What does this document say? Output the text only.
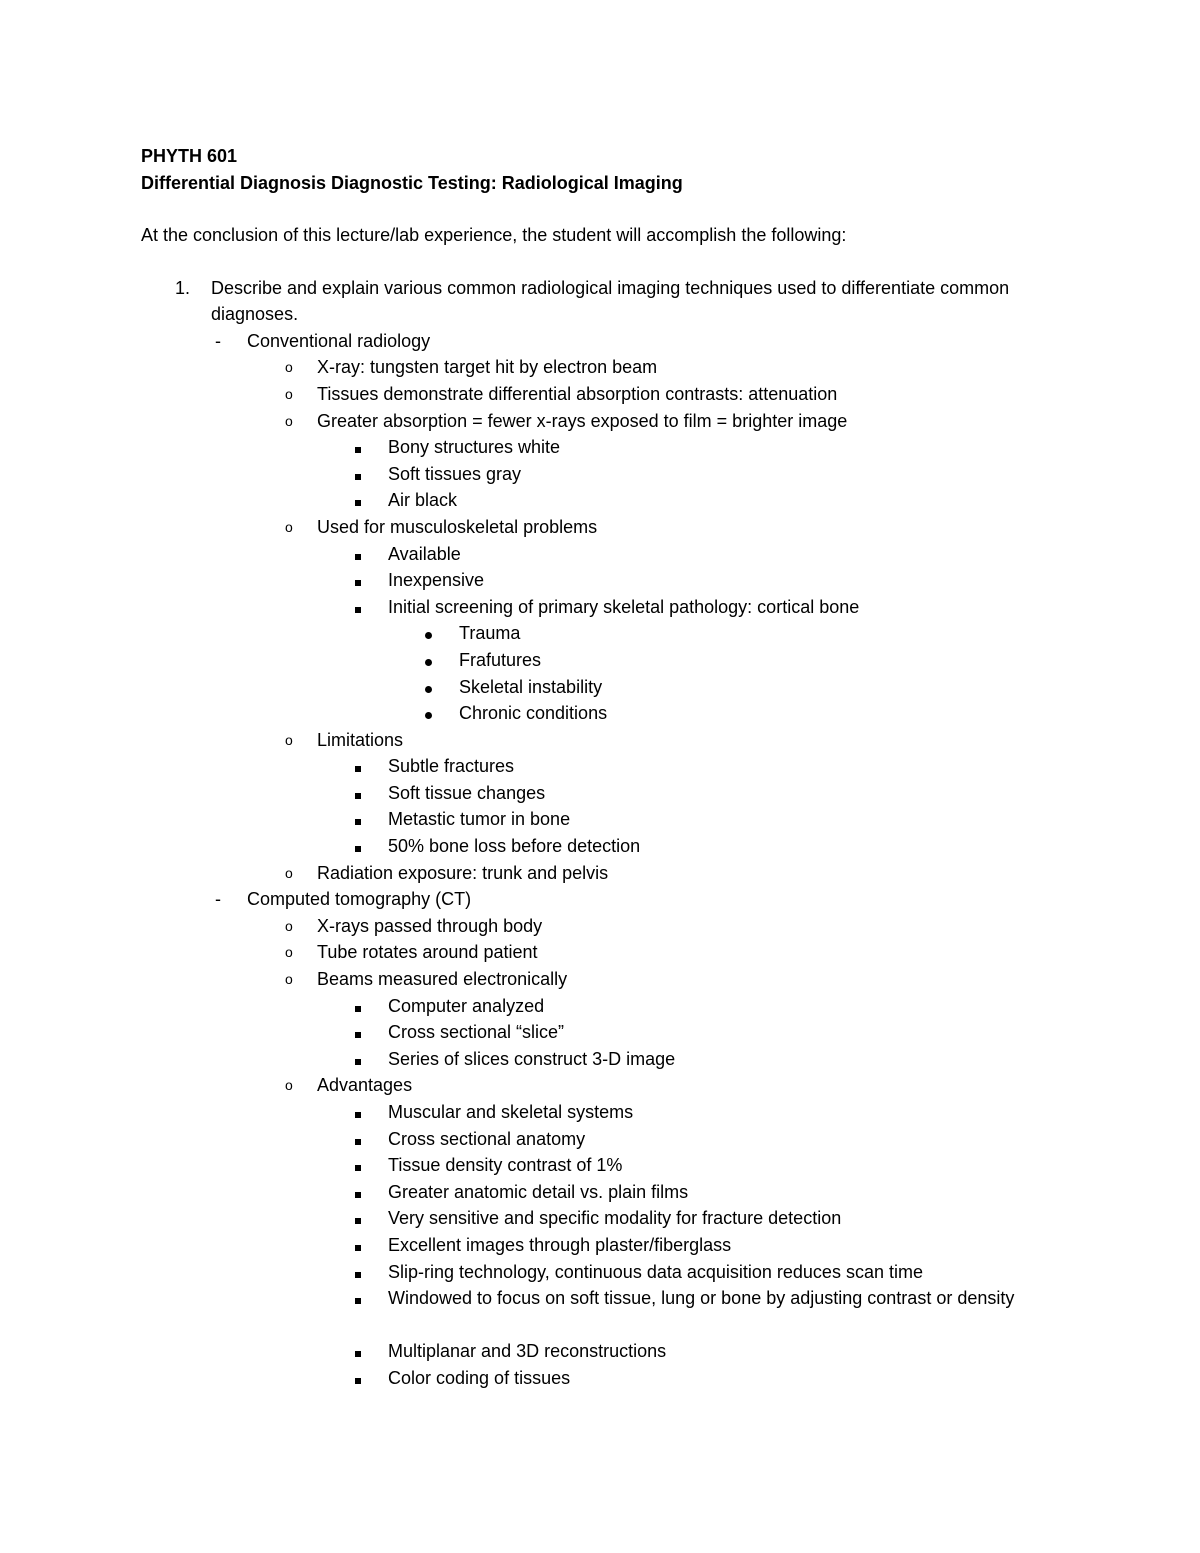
PHYTH 601
Differential Diagnosis Diagnostic Testing: Radiological Imaging
At the conclusion of this lecture/lab experience, the student will accomplish the following:
1. Describe and explain various common radiological imaging techniques used to differentiate common diagnoses.
- Conventional radiology
o X-ray: tungsten target hit by electron beam
o Tissues demonstrate differential absorption contrasts: attenuation
o Greater absorption = fewer x-rays exposed to film = brighter image
Bony structures white
Soft tissues gray
Air black
o Used for musculoskeletal problems
Available
Inexpensive
Initial screening of primary skeletal pathology: cortical bone
Trauma
Frafutures
Skeletal instability
Chronic conditions
o Limitations
Subtle fractures
Soft tissue changes
Metastic tumor in bone
50% bone loss before detection
o Radiation exposure: trunk and pelvis
- Computed tomography (CT)
o X-rays passed through body
o Tube rotates around patient
o Beams measured electronically
Computer analyzed
Cross sectional “slice”
Series of slices construct 3-D image
o Advantages
Muscular and skeletal systems
Cross sectional anatomy
Tissue density contrast of 1%
Greater anatomic detail vs. plain films
Very sensitive and specific modality for fracture detection
Excellent images through plaster/fiberglass
Slip-ring technology, continuous data acquisition reduces scan time
Windowed to focus on soft tissue, lung or bone by adjusting contrast or density
Multiplanar and 3D reconstructions
Color coding of tissues
